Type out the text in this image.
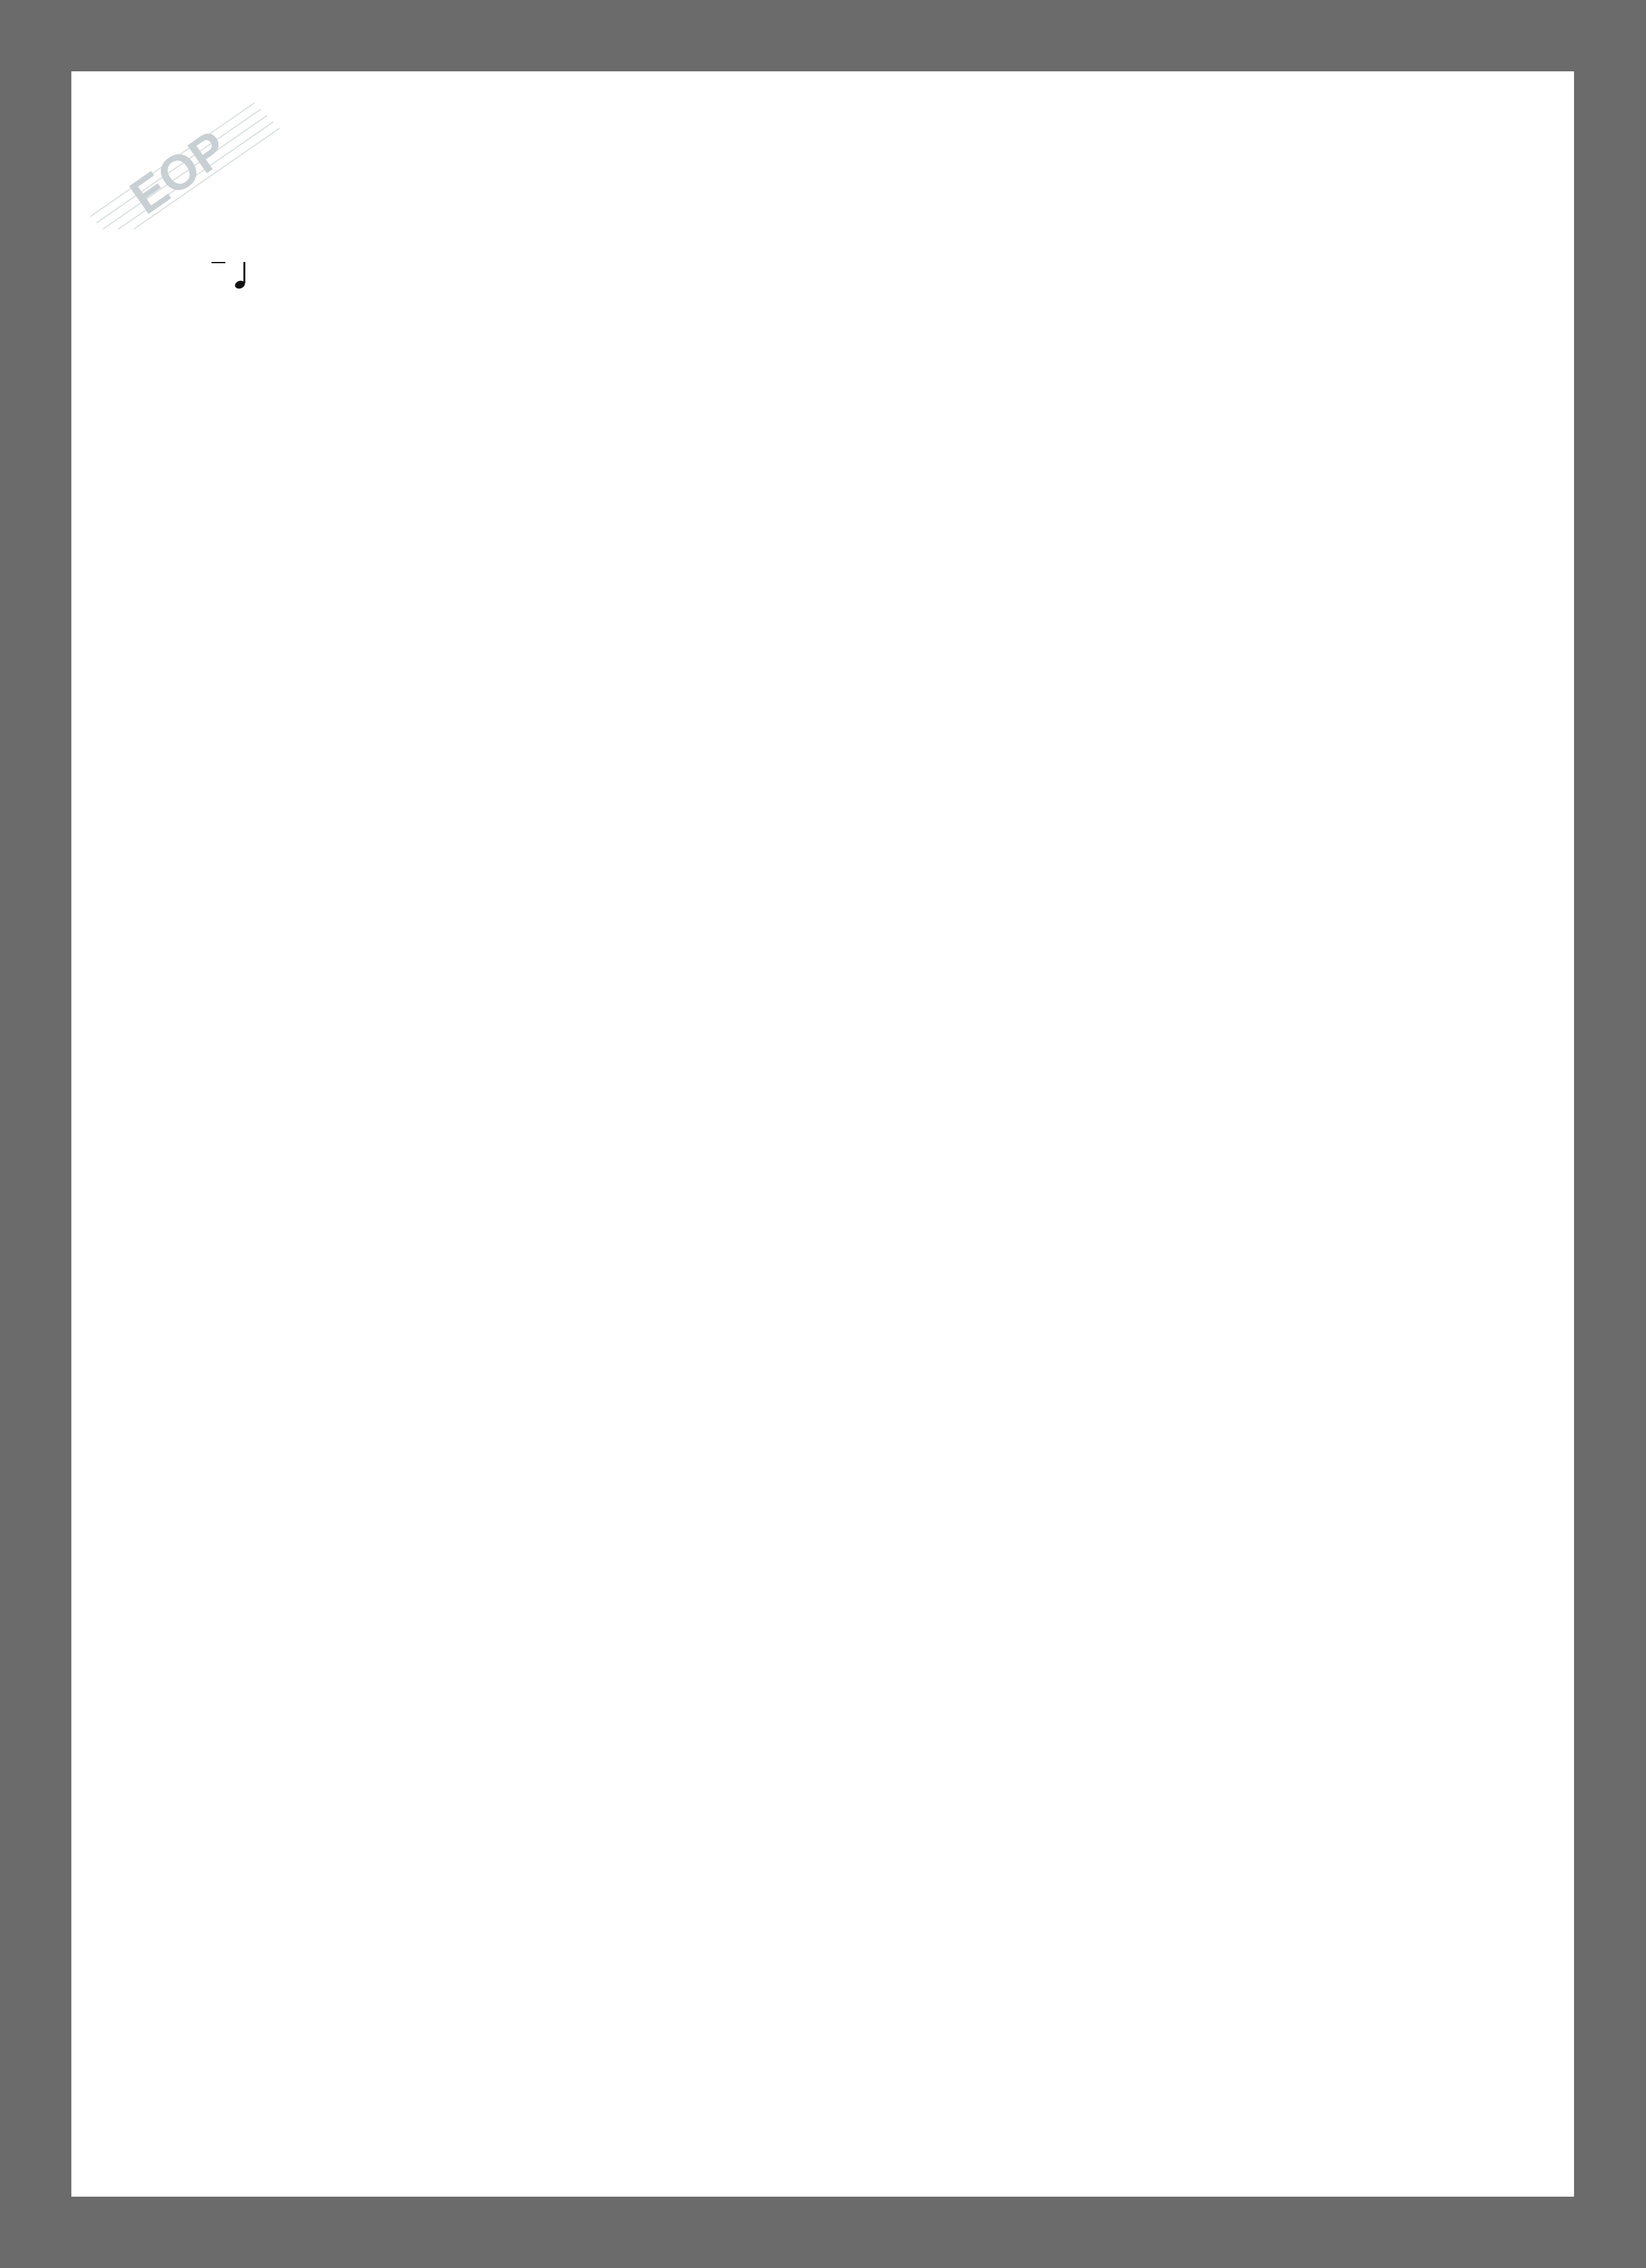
EOP
